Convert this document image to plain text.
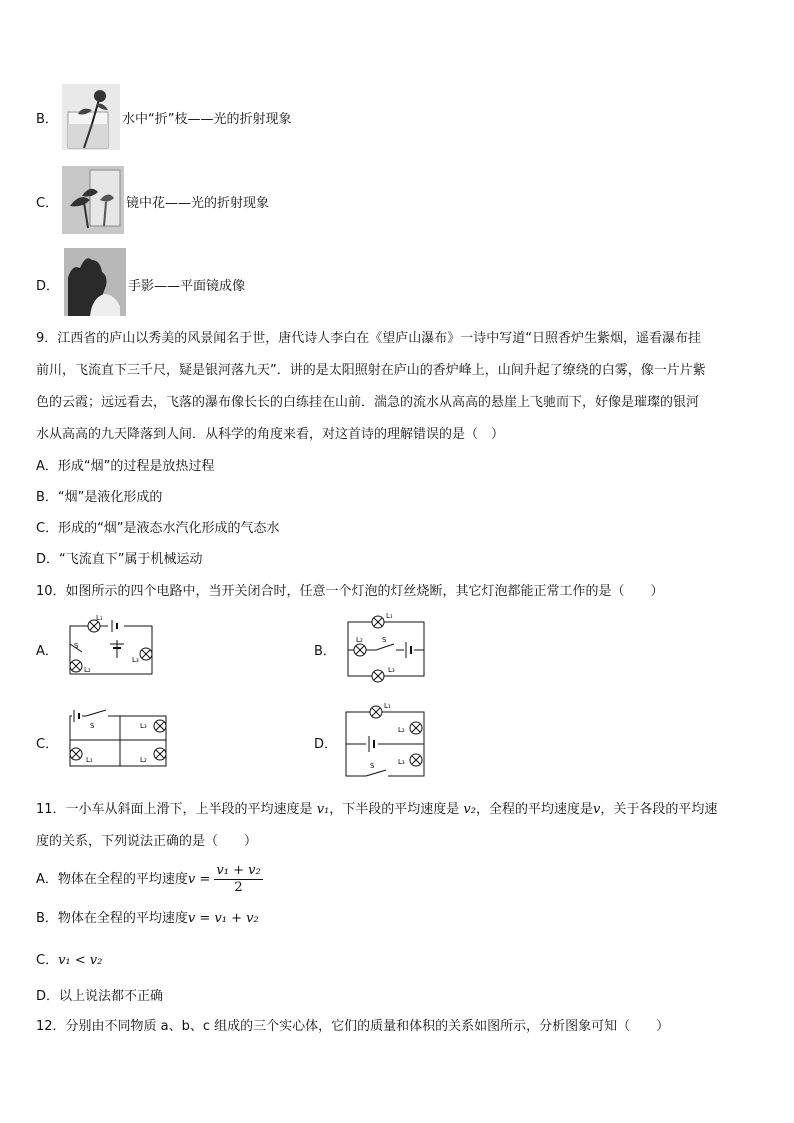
B．	水中“折”枝——光的折射现象
C．	镜中花——光的折射现象
D．	手影——平面镜成像
9．江西省的庐山以秀美的风景闻名于世，唐代诗人李白在《望庐山瀑布》一诗中写道“日照香炉生紫烟，遥看瀑布挂
前川，飞流直下三千尺，疑是银河落九天”．讲的是太阳照射在庐山的香炉峰上，山间升起了缭绕的白雾，像一片片紫
色的云霞；远远看去，飞落的瀑布像长长的白练挂在山前．湍急的流水从高高的悬崖上飞驰而下，好像是璀璨的银河
水从高高的九天降落到人间．从科学的角度来看，对这首诗的理解错误的是（　）
A．形成“烟”的过程是放热过程
B．“烟”是液化形成的
C．形成的“烟”是液态水汽化形成的气态水
D．“飞流直下”属于机械运动
10．如图所示的四个电路中，当开关闭合时，任意一个灯泡的灯丝烧断，其它灯泡都能正常工作的是（　　）
A．
L₁
S
L₂
L₃
B．
L₁
L₂	S
L₃
C．
S
L₁
L₃
L₂
D．
L₁
L₂
S	L₃
11．一小车从斜面上滑下，上半段的平均速度是 v₁，下半段的平均速度是 v₂，全程的平均速度是v，关于各段的平均速
度的关系，下列说法正确的是（　　）
A．物体在全程的平均速度$v = \frac{\text{v₁ + v₂}}{2}$
B．物体在全程的平均速度v = v₁ + v₂
C．v₁ < v₂
D．以上说法都不正确
12．分别由不同物质 a、b、c 组成的三个实心体，它们的质量和体积的关系如图所示，分析图象可知（　　）
